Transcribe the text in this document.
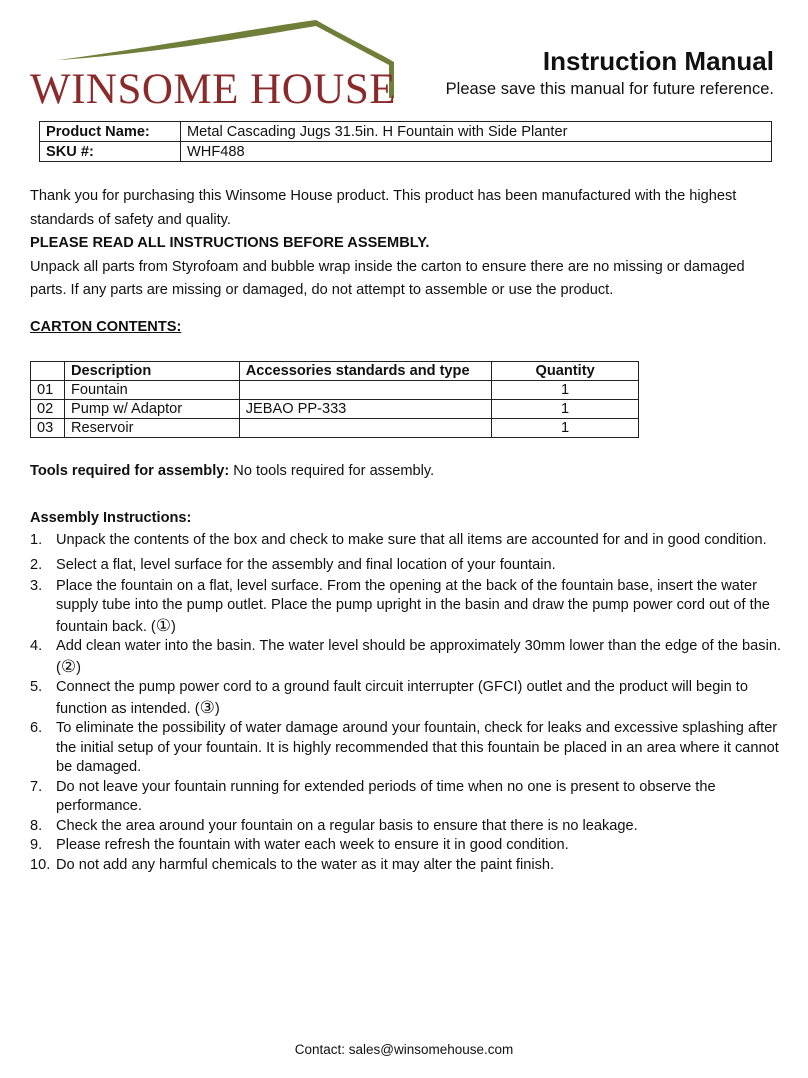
WINSOME HOUSE
Instruction Manual
Please save this manual for future reference.
Product Name:	Metal Cascading Jugs 31.5in. H Fountain with Side Planter
SKU #:	WHF488
Thank you for purchasing this Winsome House product. This product has been manufactured with the highest standards of safety and quality.
PLEASE READ ALL INSTRUCTIONS BEFORE ASSEMBLY.
Unpack all parts from Styrofoam and bubble wrap inside the carton to ensure there are no missing or damaged parts. If any parts are missing or damaged, do not attempt to assemble or use the product.
CARTON CONTENTS:
	Description	Accessories standards and type	Quantity
01	Fountain		1
02	Pump w/ Adaptor	JEBAO PP-333	1
03	Reservoir		1
Tools required for assembly: No tools required for assembly.
Assembly Instructions:
1. Unpack the contents of the box and check to make sure that all items are accounted for and in good condition.
2. Select a flat, level surface for the assembly and final location of your fountain.
3. Place the fountain on a flat, level surface. From the opening at the back of the fountain base, insert the water supply tube into the pump outlet. Place the pump upright in the basin and draw the pump power cord out of the fountain back. (①)
4. Add clean water into the basin. The water level should be approximately 30mm lower than the edge of the basin. (②)
5. Connect the pump power cord to a ground fault circuit interrupter (GFCI) outlet and the product will begin to function as intended. (③)
6. To eliminate the possibility of water damage around your fountain, check for leaks and excessive splashing after the initial setup of your fountain. It is highly recommended that this fountain be placed in an area where it cannot be damaged.
7. Do not leave your fountain running for extended periods of time when no one is present to observe the performance.
8. Check the area around your fountain on a regular basis to ensure that there is no leakage.
9. Please refresh the fountain with water each week to ensure it in good condition.
10. Do not add any harmful chemicals to the water as it may alter the paint finish.
Contact: sales@winsomehouse.com
